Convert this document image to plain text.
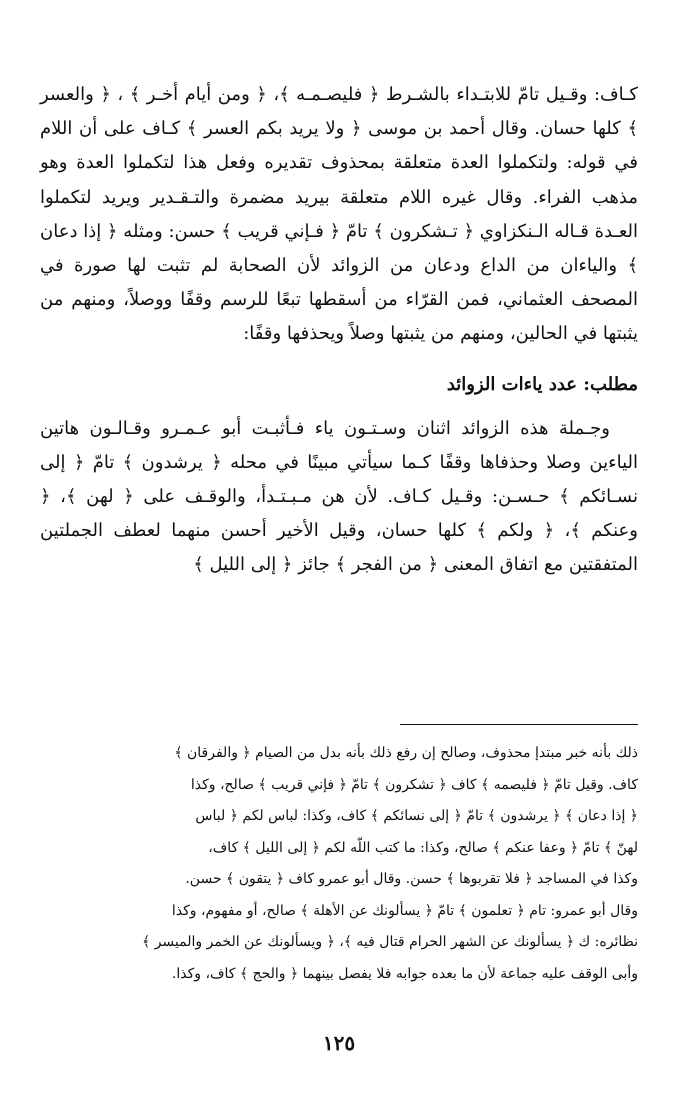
كـاف: وقـيل تامّ للابتـداء بالشـرط ﴿ فليصـمـه ﴾، ﴿ ومن أيام أخـر ﴾ ، ﴿ والعسر ﴾ كلها حسان. وقال أحمد بن موسى ﴿ ولا يريد بكم العسر ﴾ كـاف على أن اللام في قوله: ولتكملوا العدة متعلقة بمحذوف تقديره وفعل هذا لتكملوا العدة وهو مذهب الفراء. وقال غيره اللام متعلقة بيريد مضمرة والتـقـدير ويريد لتكملوا العـدة قـاله الـنكزاوي ﴿ تـشكرون ﴾ تامّ ﴿ فـإني قريب ﴾ حسن: ومثله ﴿ إذا دعان ﴾ والياءان من الداع ودعان من الزوائد لأن الصحابة لم تثبت لها صورة في المصحف العثماني، فمن القرّاء من أسقطها تبعًا للرسم وقفًا ووصلاً، ومنهم من يثبتها في الحالين، ومنهم من يثبتها وصلاً ويحذفها وقفًا:

مطلب: عدد ياءات الزوائد

وجـملة هذه الزوائد اثنان وسـتـون ياء فـأثبـت أبو عـمـرو وقـالـون هاتين الياءين وصلا وحذفاها وقفًا كـما سيأتي مبينًا في محله ﴿ يرشدون ﴾ تامّ ﴿ إلى نسـائكم ﴾ حـسـن: وقـيل كـاف. لأن هن مـبـتـدأ، والوقـف على ﴿ لهن ﴾، ﴿ وعنكم ﴾، ﴿ ولكم ﴾ كلها حسان، وقيل الأخير أحسن منهما لعطف الجملتين المتفقتين مع اتفاق المعنى ﴿ من الفجر ﴾ جائز ﴿ إلى الليل ﴾

ذلك بأنه خبر مبتدإ محذوف، وصالح إن رفع ذلك بأنه بدل من الصيام ﴿ والفرقان ﴾

كاف. وقيل تامّ ﴿ فليصمه ﴾ كاف ﴿ تشكرون ﴾ تامّ ﴿ فإني قريب ﴾ صالح، وكذا

﴿ إذا دعان ﴾ ﴿ يرشدون ﴾ تامّ ﴿ إلى نسائكم ﴾ كاف، وكذا: لباس لكم ﴿ لباس

لهنّ ﴾ تامّ ﴿ وعفا عنكم ﴾ صالح، وكذا: ما كتب اللّه لكم ﴿ إلى الليل ﴾ كاف،

وكذا في المساجد ﴿ فلا تقربوها ﴾ حسن. وقال أبو عمرو كاف ﴿ يتقون ﴾ حسن.

وقال أبو عمرو: تام ﴿ تعلمون ﴾ تامّ ﴿ يسألونك عن الأهلة ﴾ صالح، أو مفهوم، وكذا

نظائره: ك ﴿ يسألونك عن الشهر الحرام قتال فيه ﴾، ﴿ ويسألونك عن الخمر والميسر ﴾

وأبى الوقف عليه جماعة لأن ما بعده جوابه فلا يفصل بينهما ﴿ والحج ﴾ كاف، وكذا.

١٢٥
